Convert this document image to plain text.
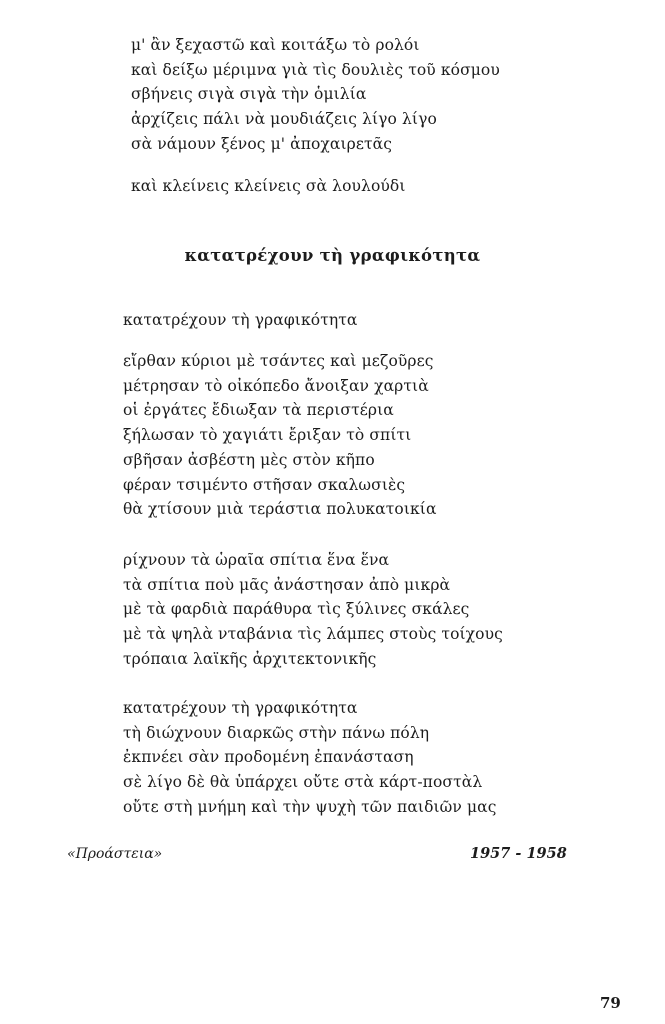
μ' ἂν ξεχαστῶ καὶ κοιτάξω τὸ ρολόι
καὶ δείξω μέριμνα γιὰ τὶς δουλιὲς τοῦ κόσμου
σβήνεις σιγὰ σιγὰ τὴν ὁμιλία
ἀρχίζεις πάλι νὰ μουδιάζεις λίγο λίγο
σὰ νάμουν ξένος μ' ἀποχαιρετᾶς
καὶ κλείνεις κλείνεις σὰ λουλούδι
κατατρέχουν τὴ γραφικότητα
κατατρέχουν τὴ γραφικότητα
εἴρθαν κύριοι μὲ τσάντες καὶ μεζοῦρες
μέτρησαν τὸ οἰκόπεδο ἄνοιξαν χαρτιὰ
οἱ ἐργάτες ἔδιωξαν τὰ περιστέρια
ξήλωσαν τὸ χαγιάτι ἔριξαν τὸ σπίτι
σβῆσαν ἀσβέστη μὲς στὸν κῆπο
φέραν τσιμέντο στῆσαν σκαλωσιὲς
θὰ χτίσουν μιὰ τεράστια πολυκατοικία
ρίχνουν τὰ ὡραῖα σπίτια ἕνα ἕνα
τὰ σπίτια ποὺ μᾶς ἀνάστησαν ἀπὸ μικρὰ
μὲ τὰ φαρδιὰ παράθυρα τὶς ξύλινες σκάλες
μὲ τὰ ψηλὰ νταβάνια τὶς λάμπες στοὺς τοίχους
τρόπαια λαϊκῆς ἀρχιτεκτονικῆς
κατατρέχουν τὴ γραφικότητα
τὴ διώχνουν διαρκῶς στὴν πάνω πόλη
ἐκπνέει σὰν προδομένη ἐπανάσταση
σὲ λίγο δὲ θὰ ὑπάρχει οὔτε στὰ κάρτ-ποστὰλ
οὔτε στὴ μνήμη καὶ τὴν ψυχὴ τῶν παιδιῶν μας
«Προάστεια»	1957 - 1958
79
